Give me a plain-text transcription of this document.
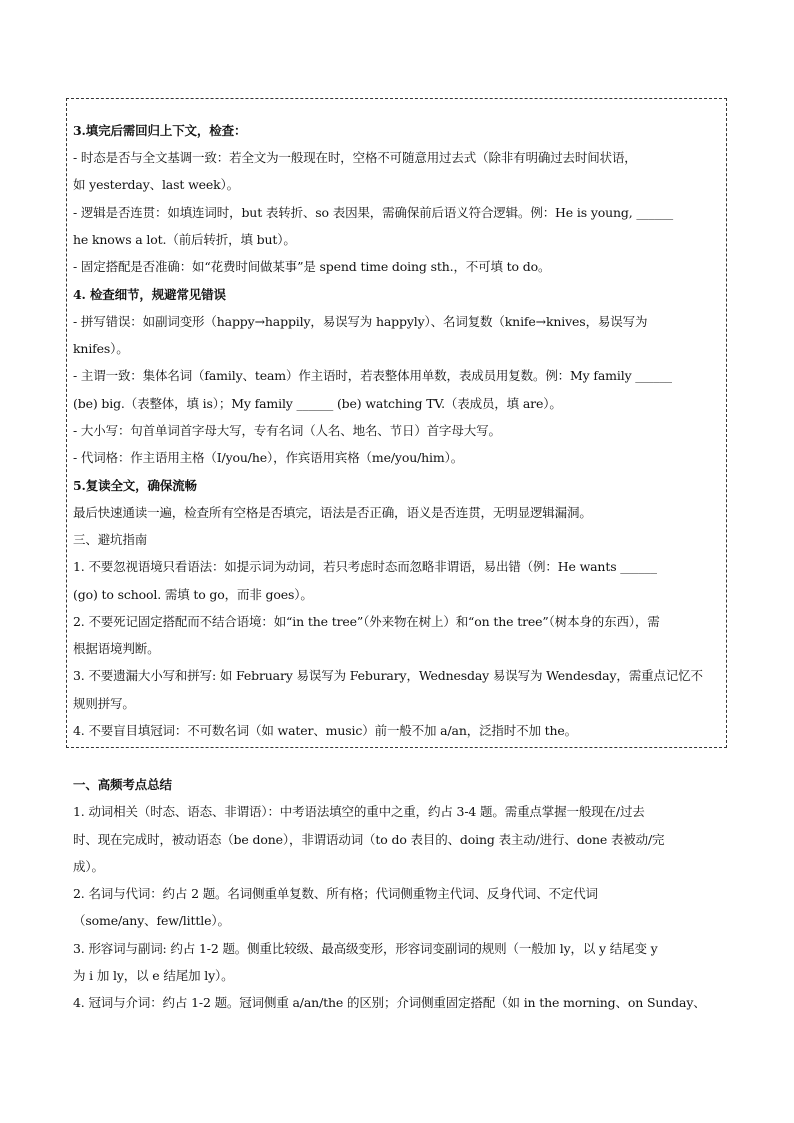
3.填完后需回归上下文，检查：
- 时态是否与全文基调一致：若全文为一般现在时，空格不可随意用过去式（除非有明确过去时间状语，
如 yesterday、last week）。
- 逻辑是否连贯：如填连词时，but 表转折、so 表因果，需确保前后语义符合逻辑。例：He is young, ______
he knows a lot.（前后转折，填 but）。
- 固定搭配是否准确：如“花费时间做某事”是 spend time doing sth.，不可填 to do。
4. 检查细节，规避常见错误
- 拼写错误：如副词变形（happy→happily，易误写为 happyly）、名词复数（knife→knives，易误写为
knifes）。
- 主谓一致：集体名词（family、team）作主语时，若表整体用单数，表成员用复数。例：My family ______
(be) big.（表整体，填 is）；My family ______ (be) watching TV.（表成员，填 are）。
- 大小写：句首单词首字母大写，专有名词（人名、地名、节日）首字母大写。
- 代词格：作主语用主格（I/you/he），作宾语用宾格（me/you/him）。
5.复读全文，确保流畅
最后快速通读一遍，检查所有空格是否填完，语法是否正确，语义是否连贯，无明显逻辑漏洞。
三、避坑指南
1. 不要忽视语境只看语法：如提示词为动词，若只考虑时态而忽略非谓语，易出错（例：He wants ______
(go) to school. 需填 to go，而非 goes）。
2. 不要死记固定搭配而不结合语境：如“in the tree”（外来物在树上）和“on the tree”（树本身的东西），需
根据语境判断。
3. 不要遗漏大小写和拼写: 如 February 易误写为 Feburary，Wednesday 易误写为 Wendesday，需重点记忆不
规则拼写。
4. 不要盲目填冠词：不可数名词（如 water、music）前一般不加 a/an，泛指时不加 the。
一、高频考点总结
1. 动词相关（时态、语态、非谓语）：中考语法填空的重中之重，约占 3-4 题。需重点掌握一般现在/过去
时、现在完成时，被动语态（be done），非谓语动词（to do 表目的、doing 表主动/进行、done 表被动/完
成）。
2. 名词与代词：约占 2 题。名词侧重单复数、所有格；代词侧重物主代词、反身代词、不定代词
（some/any、few/little）。
3. 形容词与副词: 约占 1-2 题。侧重比较级、最高级变形，形容词变副词的规则（一般加 ly，以 y 结尾变 y
为 i 加 ly，以 e 结尾加 ly）。
4. 冠词与介词：约占 1-2 题。冠词侧重 a/an/the 的区别；介词侧重固定搭配（如 in the morning、on Sunday、
